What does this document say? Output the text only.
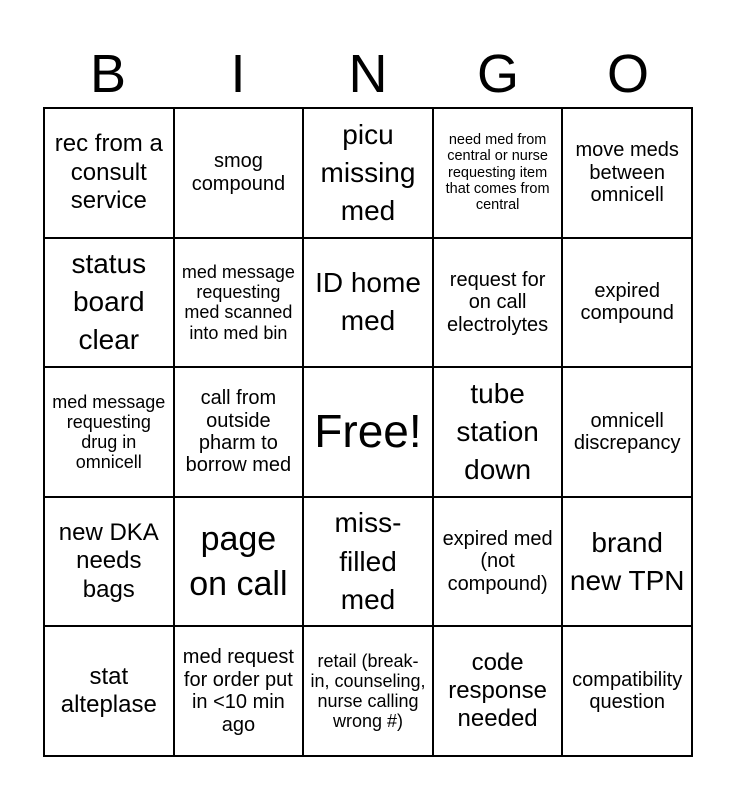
B	I	N	G	O
rec from a consult service
smog compound
picu missing med
need med from central or nurse requesting item that comes from central
move meds between omnicell
status board clear
med message requesting med scanned into med bin
ID home med
request for on call electrolytes
expired compound
med message requesting drug in omnicell
call from outside pharm to borrow med
Free!
tube station down
omnicell discrepancy
new DKA needs bags
page on call
miss-filled med
expired med (not compound)
brand new TPN
stat alteplase
med request for order put in <10 min ago
retail (break-in, counseling, nurse calling wrong #)
code response needed
compatibility question
